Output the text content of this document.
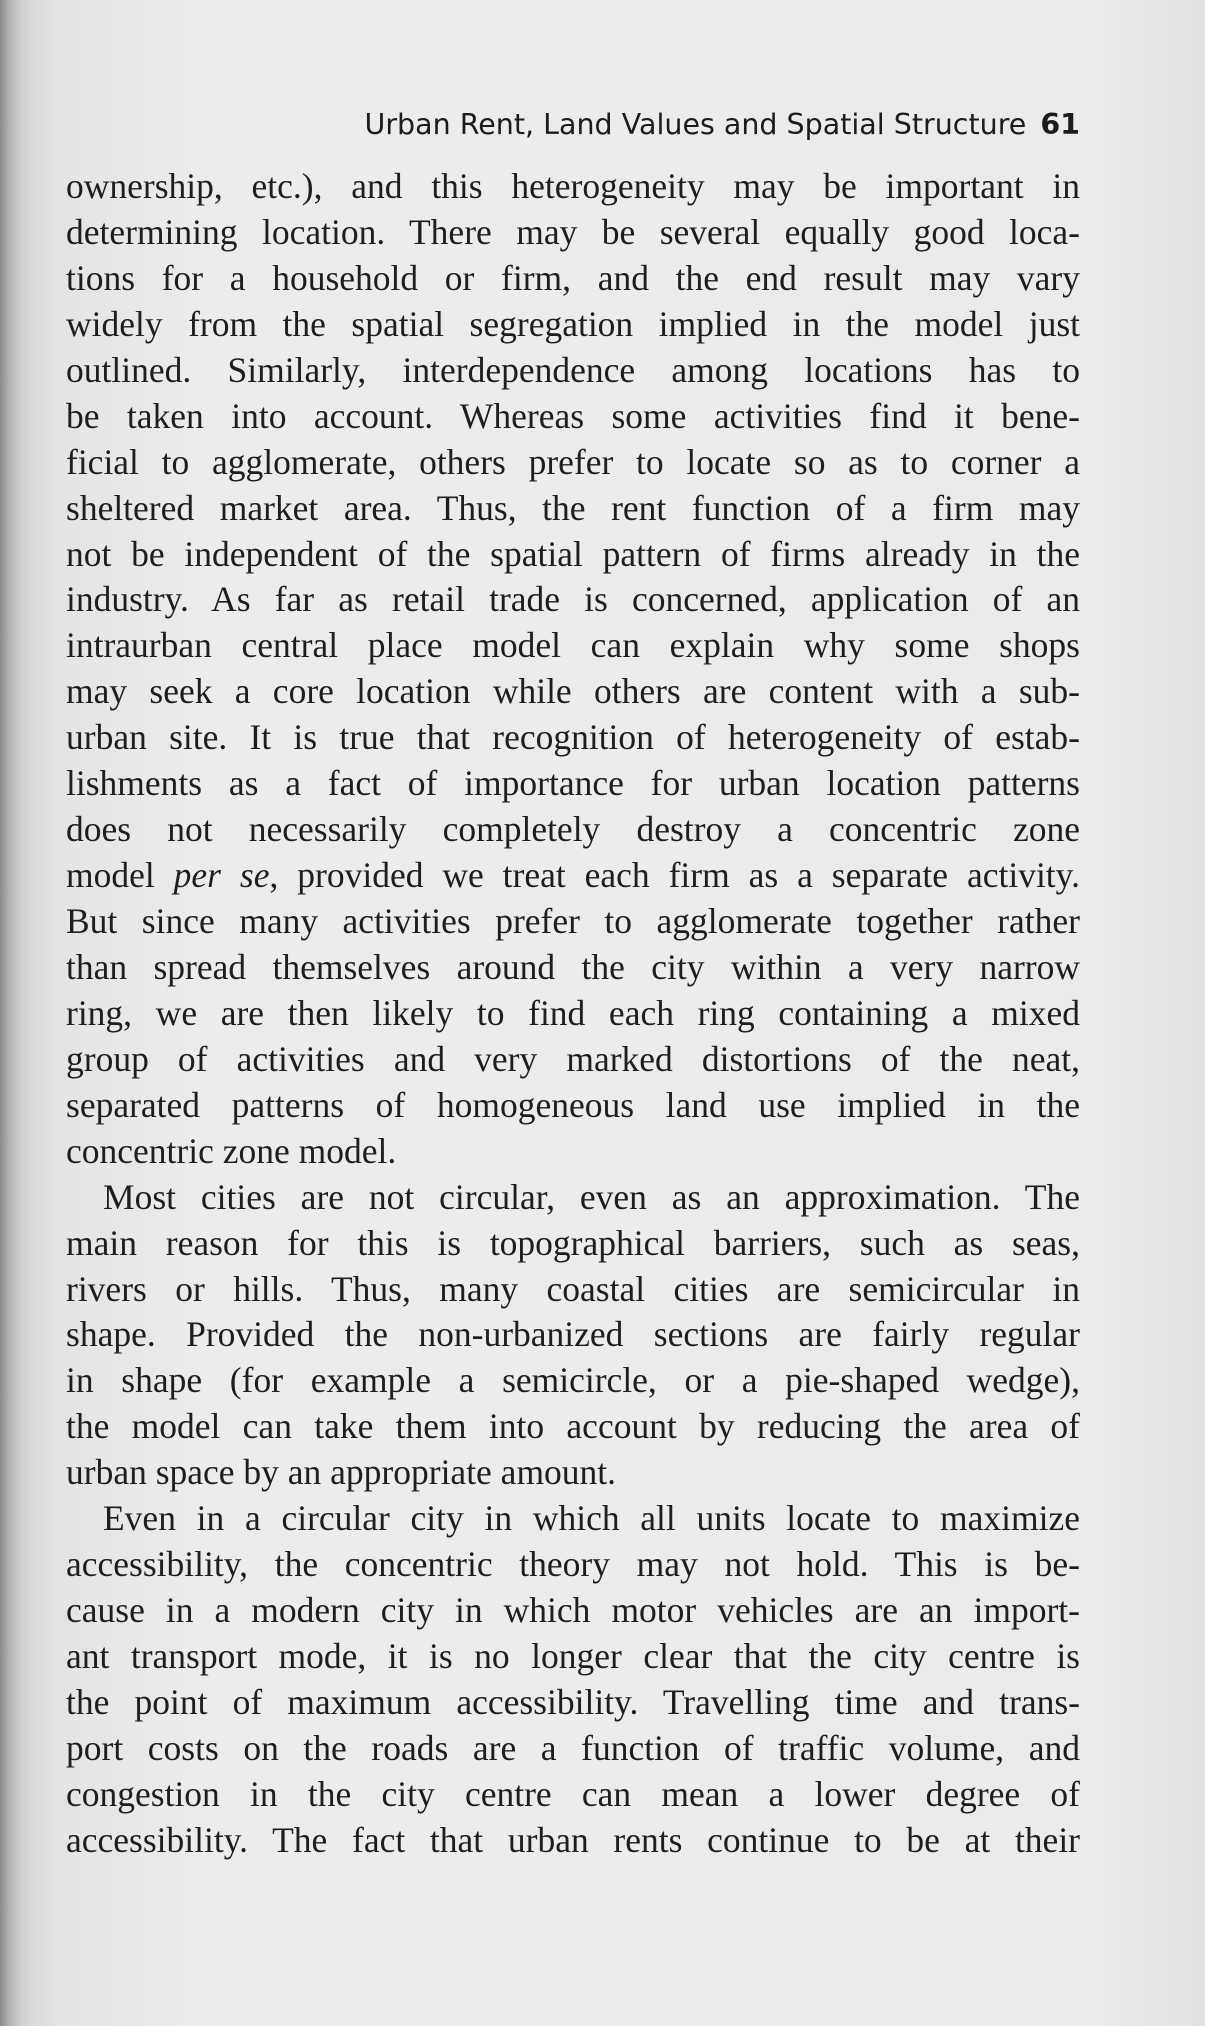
Urban Rent, Land Values and Spatial Structure 61
ownership, etc.), and this heterogeneity may be important in
determining location. There may be several equally good loca-
tions for a household or firm, and the end result may vary
widely from the spatial segregation implied in the model just
outlined. Similarly, interdependence among locations has to
be taken into account. Whereas some activities find it bene-
ficial to agglomerate, others prefer to locate so as to corner a
sheltered market area. Thus, the rent function of a firm may
not be independent of the spatial pattern of firms already in the
industry. As far as retail trade is concerned, application of an
intraurban central place model can explain why some shops
may seek a core location while others are content with a sub-
urban site. It is true that recognition of heterogeneity of estab-
lishments as a fact of importance for urban location patterns
does not necessarily completely destroy a concentric zone
model per se, provided we treat each firm as a separate activity.
But since many activities prefer to agglomerate together rather
than spread themselves around the city within a very narrow
ring, we are then likely to find each ring containing a mixed
group of activities and very marked distortions of the neat,
separated patterns of homogeneous land use implied in the
concentric zone model.
Most cities are not circular, even as an approximation. The
main reason for this is topographical barriers, such as seas,
rivers or hills. Thus, many coastal cities are semicircular in
shape. Provided the non-urbanized sections are fairly regular
in shape (for example a semicircle, or a pie-shaped wedge),
the model can take them into account by reducing the area of
urban space by an appropriate amount.
Even in a circular city in which all units locate to maximize
accessibility, the concentric theory may not hold. This is be-
cause in a modern city in which motor vehicles are an import-
ant transport mode, it is no longer clear that the city centre is
the point of maximum accessibility. Travelling time and trans-
port costs on the roads are a function of traffic volume, and
congestion in the city centre can mean a lower degree of
accessibility. The fact that urban rents continue to be at their
